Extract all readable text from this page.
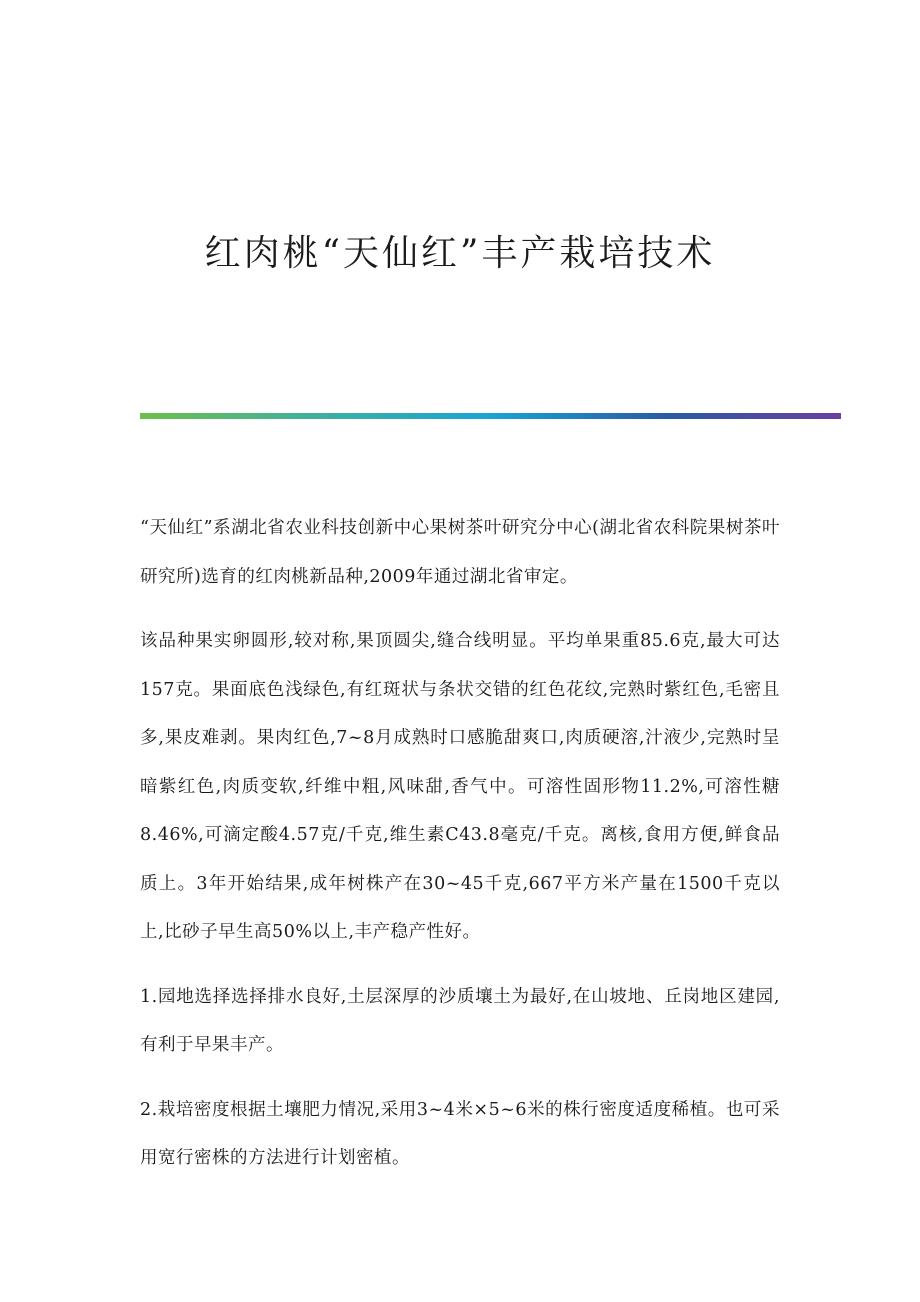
红肉桃“天仙红”丰产栽培技术

“天仙红”系湖北省农业科技创新中心果树茶叶研究分中心(湖北省农科院果树茶叶研究所)选育的红肉桃新品种,2009年通过湖北省审定。

该品种果实卵圆形,较对称,果顶圆尖,缝合线明显。平均单果重85.6克,最大可达157克。果面底色浅绿色,有红斑状与条状交错的红色花纹,完熟时紫红色,毛密且多,果皮难剥。果肉红色,7~8月成熟时口感脆甜爽口,肉质硬溶,汁液少,完熟时呈暗紫红色,肉质变软,纤维中粗,风味甜,香气中。可溶性固形物11.2%,可溶性糖8.46%,可滴定酸4.57克/千克,维生素C43.8毫克/千克。离核,食用方便,鲜食品质上。3年开始结果,成年树株产在30~45千克,667平方米产量在1500千克以上,比砂子早生高50%以上,丰产稳产性好。

1.园地选择选择排水良好,土层深厚的沙质壤土为最好,在山坡地、丘岗地区建园,有利于早果丰产。

2.栽培密度根据土壤肥力情况,采用3~4米×5~6米的株行密度适度稀植。也可采用宽行密株的方法进行计划密植。
